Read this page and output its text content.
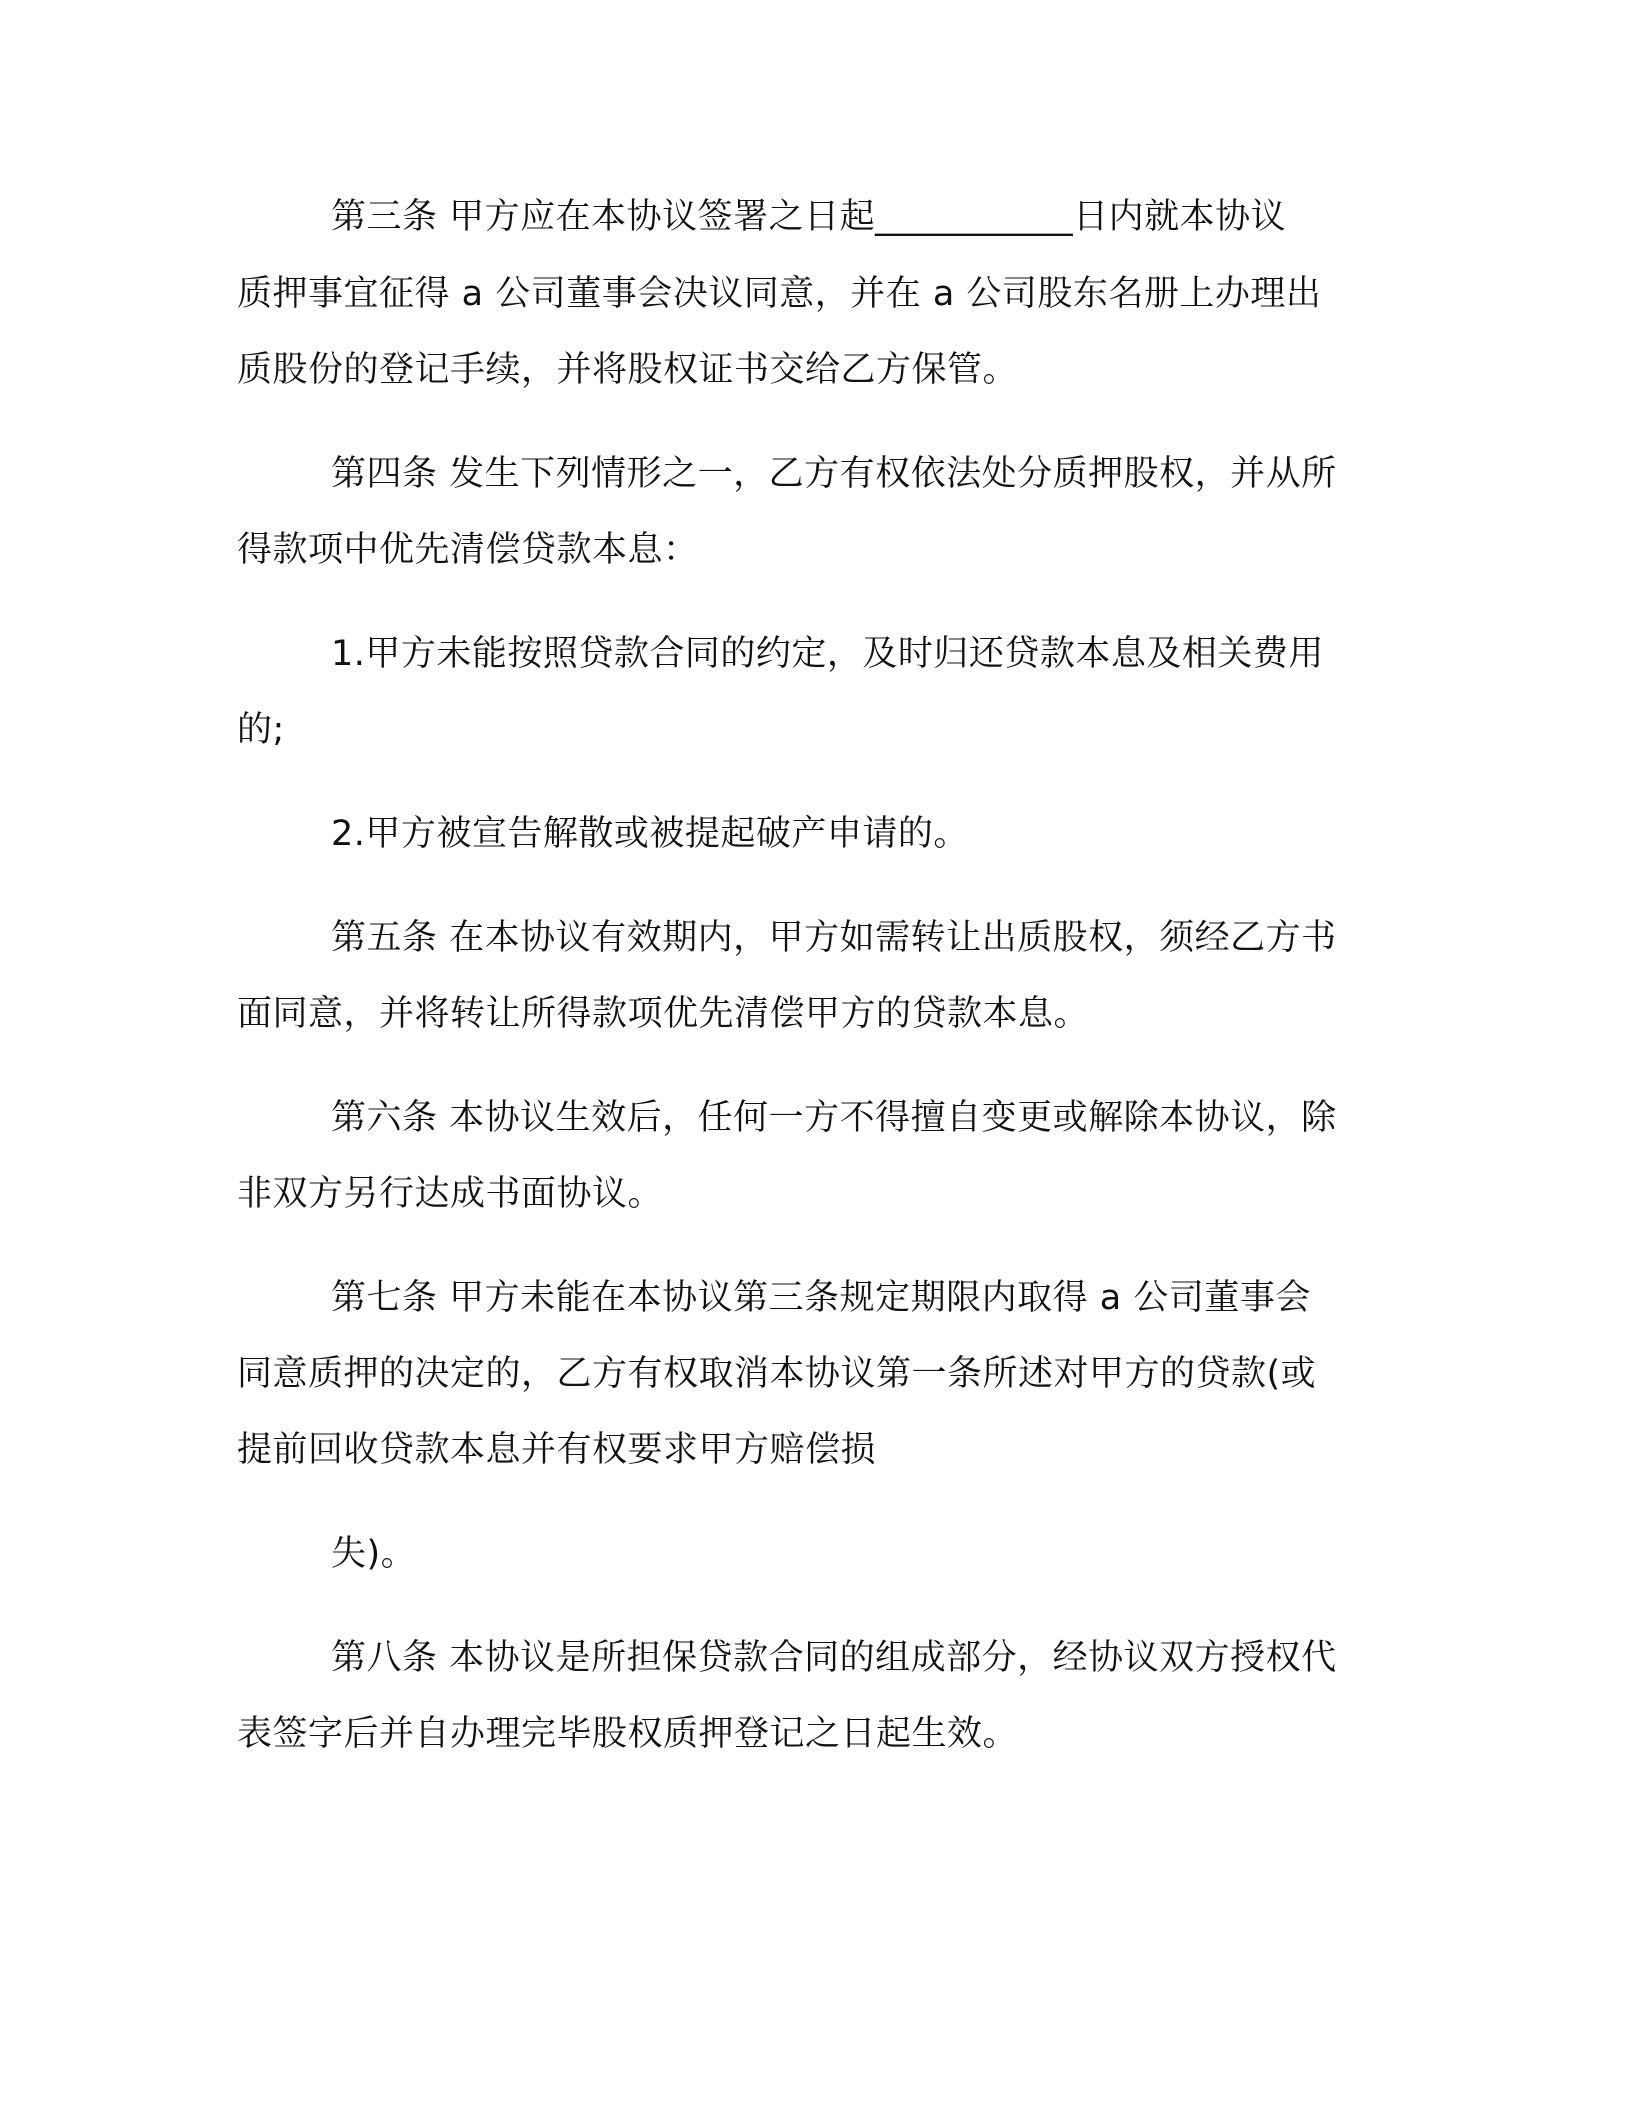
第三条 甲方应在本协议签署之日起___________日内就本协议
质押事宜征得 a 公司董事会决议同意，并在 a 公司股东名册上办理出
质股份的登记手续，并将股权证书交给乙方保管。
第四条 发生下列情形之一，乙方有权依法处分质押股权，并从所
得款项中优先清偿贷款本息：
1.甲方未能按照贷款合同的约定，及时归还贷款本息及相关费用
的;
2.甲方被宣告解散或被提起破产申请的。
第五条 在本协议有效期内，甲方如需转让出质股权，须经乙方书
面同意，并将转让所得款项优先清偿甲方的贷款本息。
第六条 本协议生效后，任何一方不得擅自变更或解除本协议，除
非双方另行达成书面协议。
第七条 甲方未能在本协议第三条规定期限内取得 a 公司董事会
同意质押的决定的，乙方有权取消本协议第一条所述对甲方的贷款(或
提前回收贷款本息并有权要求甲方赔偿损
失)。
第八条 本协议是所担保贷款合同的组成部分，经协议双方授权代
表签字后并自办理完毕股权质押登记之日起生效。
